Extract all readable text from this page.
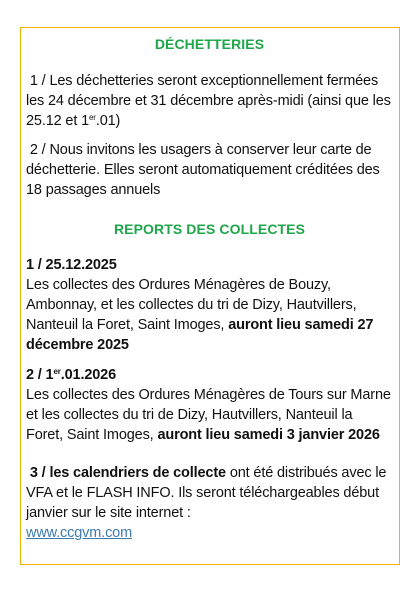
DÉCHETTERIES

1 / Les déchetteries seront exceptionnellement fermées les 24 décembre et 31 décembre après-midi (ainsi que les 25.12 et 1er.01)

2 / Nous invitons les usagers à conserver leur carte de déchetterie. Elles seront automatiquement créditées des 18 passages annuels

REPORTS DES COLLECTES

1 / 25.12.2025
Les collectes des Ordures Ménagères de Bouzy, Ambonnay, et les collectes du tri de Dizy, Hautvillers, Nanteuil la Foret, Saint Imoges, auront lieu samedi 27 décembre 2025

2 / 1er.01.2026
Les collectes des Ordures Ménagères de Tours sur Marne et les collectes du tri de Dizy, Hautvillers, Nanteuil la Foret, Saint Imoges, auront lieu samedi 3 janvier 2026

3 / les calendriers de collecte ont été distribués avec le VFA et le FLASH INFO. Ils seront téléchargeables début janvier sur le site internet :
www.ccgvm.com
